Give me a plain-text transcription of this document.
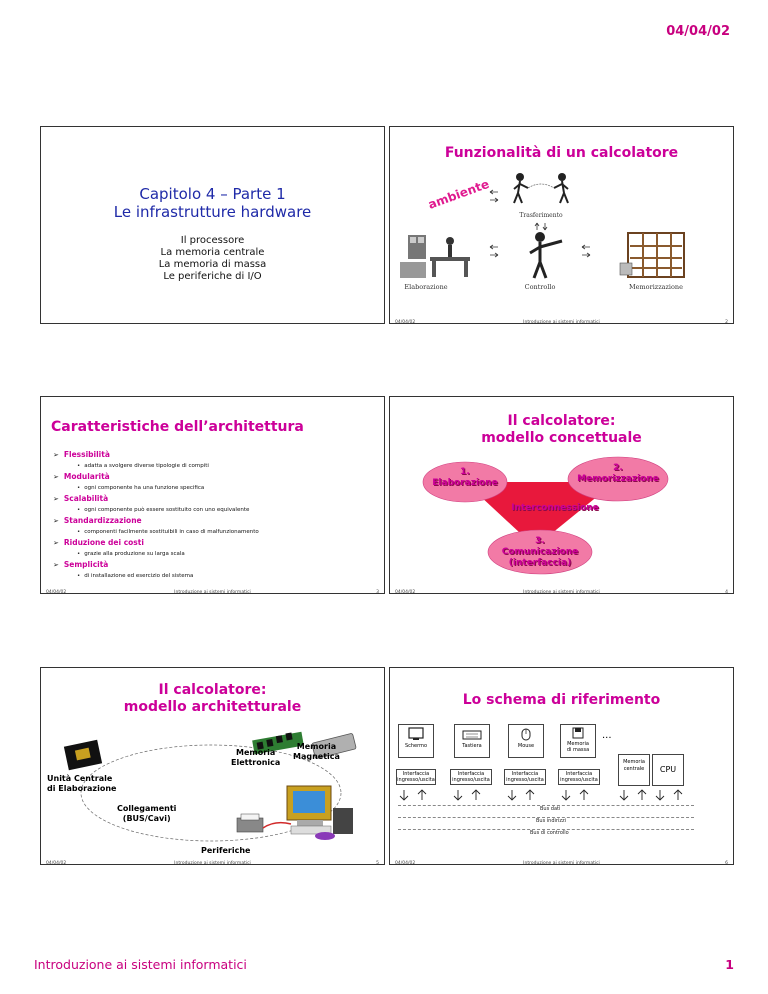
04/04/02
Capitolo 4 – Parte 1
Le infrastrutture hardware
Il processore
La memoria centrale
La memoria di massa
Le periferiche di I/O
Funzionalità di un calcolatore
ambiente
Trasferimento
Elaborazione	Controllo	Memorizzazione
04/04/02	Introduzione ai sistemi informatici	2
Caratteristiche dell’architettura
➢ Flessibilità
• adatta a svolgere diverse tipologie di compiti
➢ Modularità
• ogni componente ha una funzione specifica
➢ Scalabilità
• ogni componente può essere sostituito con uno equivalente
➢ Standardizzazione
• componenti facilmente sostituibili in caso di malfunzionamento
➢ Riduzione dei costi
• grazie alla produzione su larga scala
➢ Semplicità
• di installazione ed esercizio del sistema
04/04/02	Introduzione ai sistemi informatici	3
Il calcolatore:
modello concettuale
1.
Elaborazione
2.
Memorizzazione
Interconnessione
3.
Comunicazione
(interfaccia)
04/04/02	Introduzione ai sistemi informatici	4
Il calcolatore:
modello architetturale
Memoria
Elettronica
Memoria
Magnetica
Unità Centrale
di Elaborazione
Collegamenti
(BUS/Cavi)
Periferiche
04/04/02	Introduzione ai sistemi informatici	5
Lo schema di riferimento
Schermo	Tastiera	Mouse	Memoria
di massa
...
Memoria
centrale	CPU
Interfaccia
ingresso/uscita
Interfaccia
ingresso/uscita
Interfaccia
ingresso/uscita
Interfaccia
ingresso/uscita
Bus dati
Bus indirizzi
Bus di controllo
04/04/02	Introduzione ai sistemi informatici	6
Introduzione ai sistemi informatici	1
